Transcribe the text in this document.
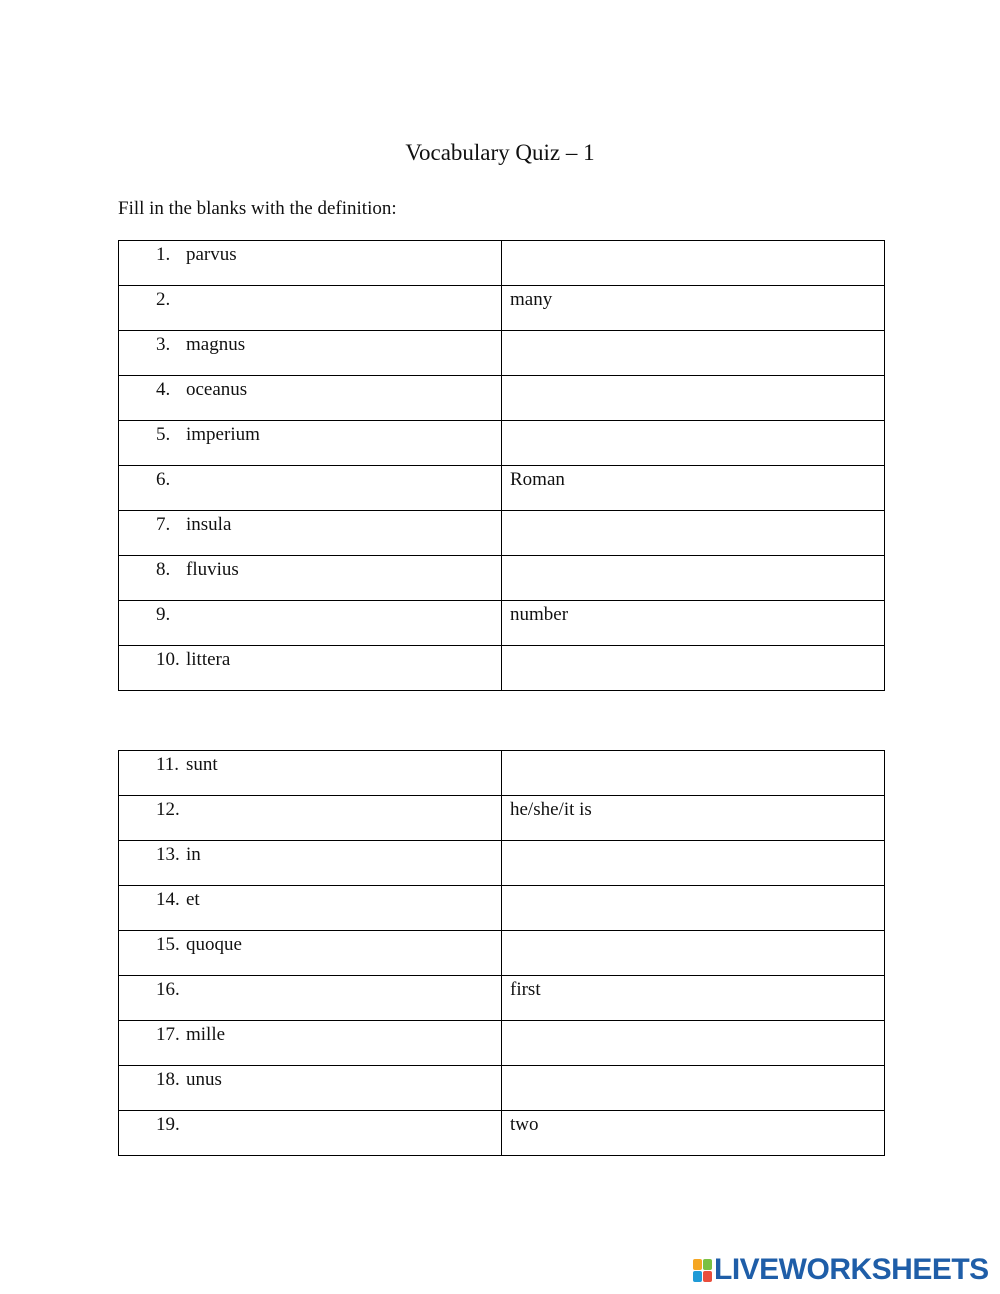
Vocabulary Quiz – 1
Fill in the blanks with the definition:
1. parvus	

2.	many

3. magnus	

4. oceanus	

5. imperium	

6.	Roman

7. insula	

8. fluvius	

9.	number

10. littera	

11. sunt	

12.	he/she/it is

13. in	

14. et	

15. quoque	

16.	first

17. mille	

18. unus	

19.	two
LIVEWORKSHEETS
